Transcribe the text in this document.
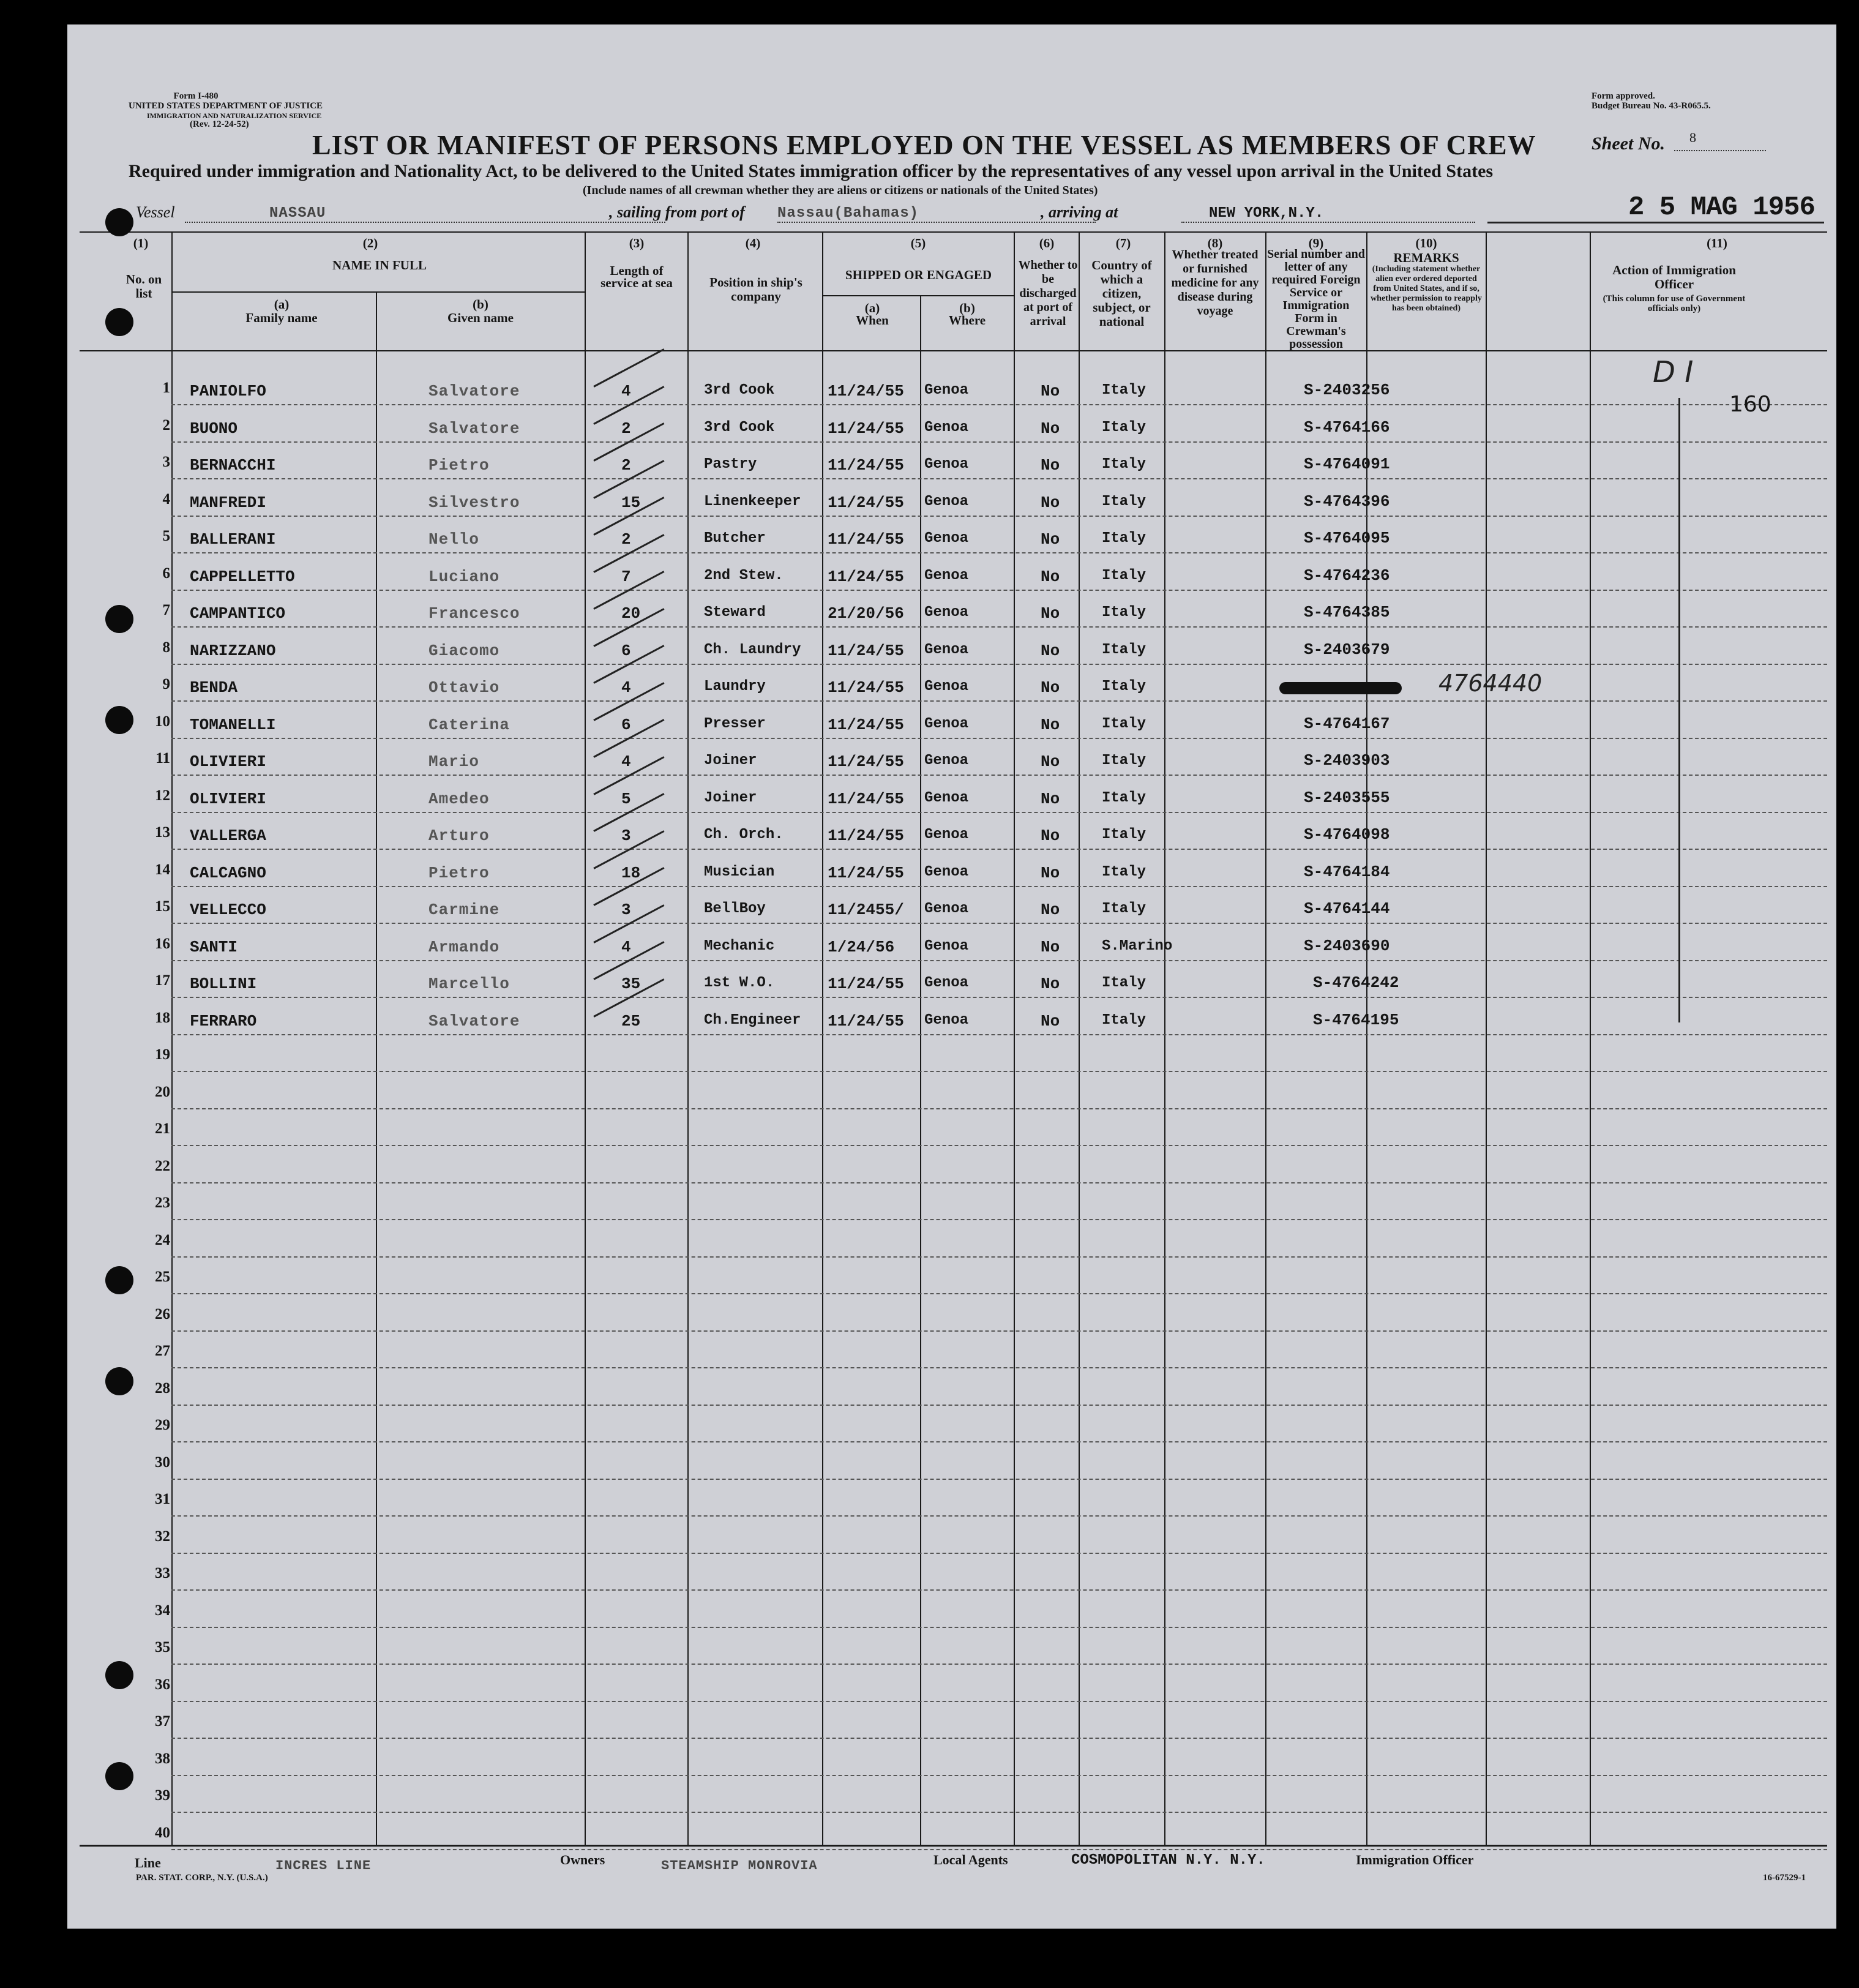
Form I-480
UNITED STATES DEPARTMENT OF JUSTICE
IMMIGRATION AND NATURALIZATION SERVICE
(Rev. 12-24-52)
Form approved.
Budget Bureau No. 43-R065.5.
LIST OR MANIFEST OF PERSONS EMPLOYED ON THE VESSEL AS MEMBERS OF CREW	Sheet No. 8
Required under immigration and Nationality Act, to be delivered to the United States immigration officer by the representatives of any vessel upon arrival in the United States
(Include names of all crewman whether they are aliens or citizens or nationals of the United States)
Vessel	NASSAU	, sailing from port of Nassau(Bahamas)	, arriving at	NEW YORK,N.Y.	2 5 MAG 1956
(1)
No. on list
(2)
NAME IN FULL
(a)
Family name
(b)
Given name
(3)
Length of service at sea
(4)
Position in ship's company
(5)
SHIPPED OR ENGAGED
(a)
When
(b)
Where
(6)
Whether to be discharged at port of arrival
(7)
Country of which a citizen, subject, or national
(8)
Whether treated or furnished medicine for any disease during voyage
(9)
Serial number and letter of any required Foreign Service or Immigration Form in Crewman's possession
(10)
REMARKS
(Including statement whether alien ever ordered deported from United States, and if so, whether permission to reapply has been obtained)
(11)
Action of Immigration Officer
(This column for use of Government officials only)
1 PANIOLFO	Salvatore	4	3rd Cook	11/24/55 Genoa	No	Italy	S-2403256
2 BUONO	Salvatore	2	3rd Cook	11/24/55 Genoa	No	Italy	S-4764166
3 BERNACCHI	Pietro	2	Pastry	11/24/55 Genoa	No	Italy	S-4764091
4 MANFREDI	Silvestro	15	Linenkeeper 11/24/55 Genoa	No	Italy	S-4764396
5 BALLERANI	Nello	2	Butcher	11/24/55 Genoa	No	Italy	S-4764095
6 CAPPELLETTO	Luciano	7	2nd Stew.	11/24/55 Genoa	No	Italy	S-4764236
7 CAMPANTICO	Francesco	20	Steward	21/20/56 Genoa	No	Italy	S-4764385
8 NARIZZANO	Giacomo	6	Ch. Laundry 11/24/55 Genoa	No	Italy	S-2403679
9 BENDA	Ottavio	4	Laundry	11/24/55 Genoa	No	Italy	4764440
10 TOMANELLI	Caterina	6	Presser	11/24/55 Genoa	No	Italy	S-4764167
11 OLIVIERI	Mario	4	Joiner	11/24/55 Genoa	No	Italy	S-2403903
12 OLIVIERI	Amedeo	5	Joiner	11/24/55 Genoa	No	Italy	S-2403555
13 VALLERGA	Arturo	3	Ch. Orch.	11/24/55 Genoa	No	Italy	S-4764098
14 CALCAGNO	Pietro	18	Musician	11/24/55 Genoa	No	Italy	S-4764184
15 VELLECCO	Carmine	3	BellBoy	11/2455/ Genoa	No	Italy	S-4764144
16 SANTI	Armando	4	Mechanic	1/24/56 Genoa	No	S.Marino	S-2403690
17 BOLLINI	Marcello	35	1st W.O.	11/24/55 Genoa	No	Italy	S-4764242
18 FERRARO	Salvatore	25	Ch.Engineer 11/24/55 Genoa	No	Italy	S-4764195
19
20
21
22
23
24
25
26
27
28
29
30
31
32
33
34
35
36
37
38
39
40
D I
160
Line	INCRES LINE	Owners	STEAMSHIP MONROVIA	Local Agents	COSMOPOLITAN N.Y. N.Y.	Immigration Officer
PAR. STAT. CORP., N.Y. (U.S.A.)	16-67529-1
